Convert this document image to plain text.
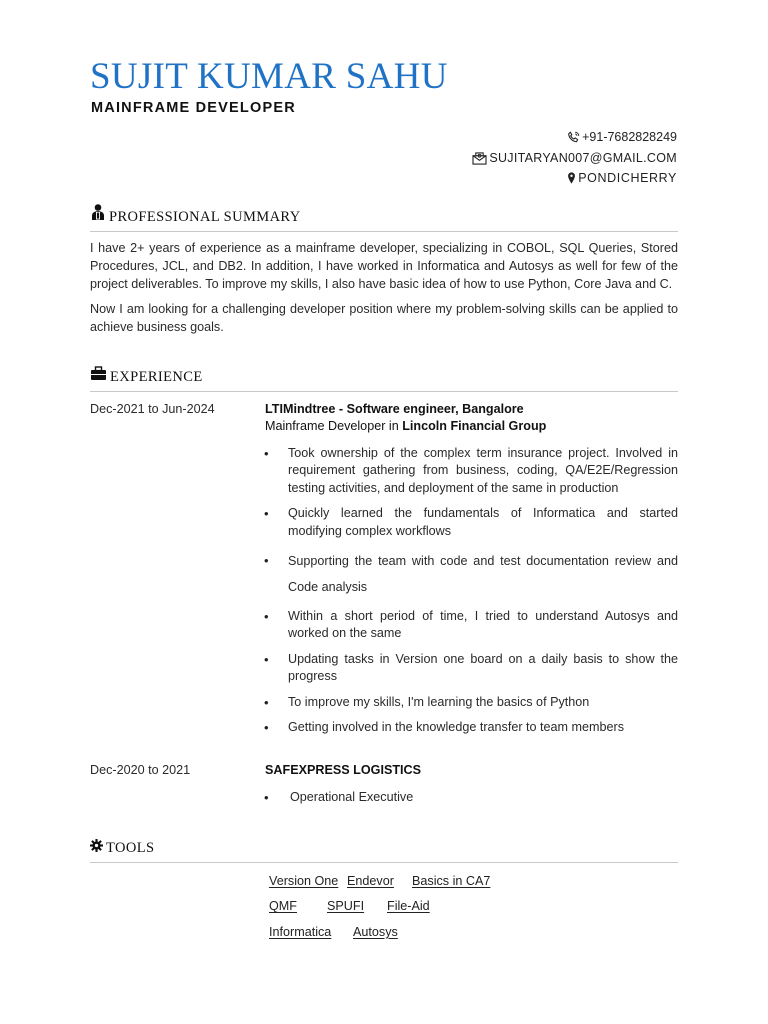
SUJIT KUMAR SAHU
MAINFRAME DEVELOPER
+91-7682828249
SUJITARYAN007@GMAIL.COM
PONDICHERRY
PROFESSIONAL SUMMARY
I have 2+ years of experience as a mainframe developer, specializing in COBOL, SQL Queries, Stored Procedures, JCL, and DB2. In addition, I have worked in Informatica and Autosys as well for few of the project deliverables. To improve my skills, I also have basic idea of how to use Python, Core Java and C.
Now I am looking for a challenging developer position where my problem-solving skills can be applied to achieve business goals.
EXPERIENCE
Dec-2021 to Jun-2024	LTIMindtree - Software engineer, Bangalore
Mainframe Developer in Lincoln Financial Group
• Took ownership of the complex term insurance project. Involved in requirement gathering from business, coding, QA/E2E/Regression testing activities, and deployment of the same in production
• Quickly learned the fundamentals of Informatica and started modifying complex workflows
• Supporting the team with code and test documentation review and Code analysis
• Within a short period of time, I tried to understand Autosys and worked on the same
• Updating tasks in Version one board on a daily basis to show the progress
• To improve my skills, I'm learning the basics of Python
• Getting involved in the knowledge transfer to team members
Dec-2020 to 2021	SAFEXPRESS LOGISTICS
• Operational Executive
TOOLS
Version One Endevor Basics in CA7
QMF SPUFI File-Aid
Informatica Autosys
